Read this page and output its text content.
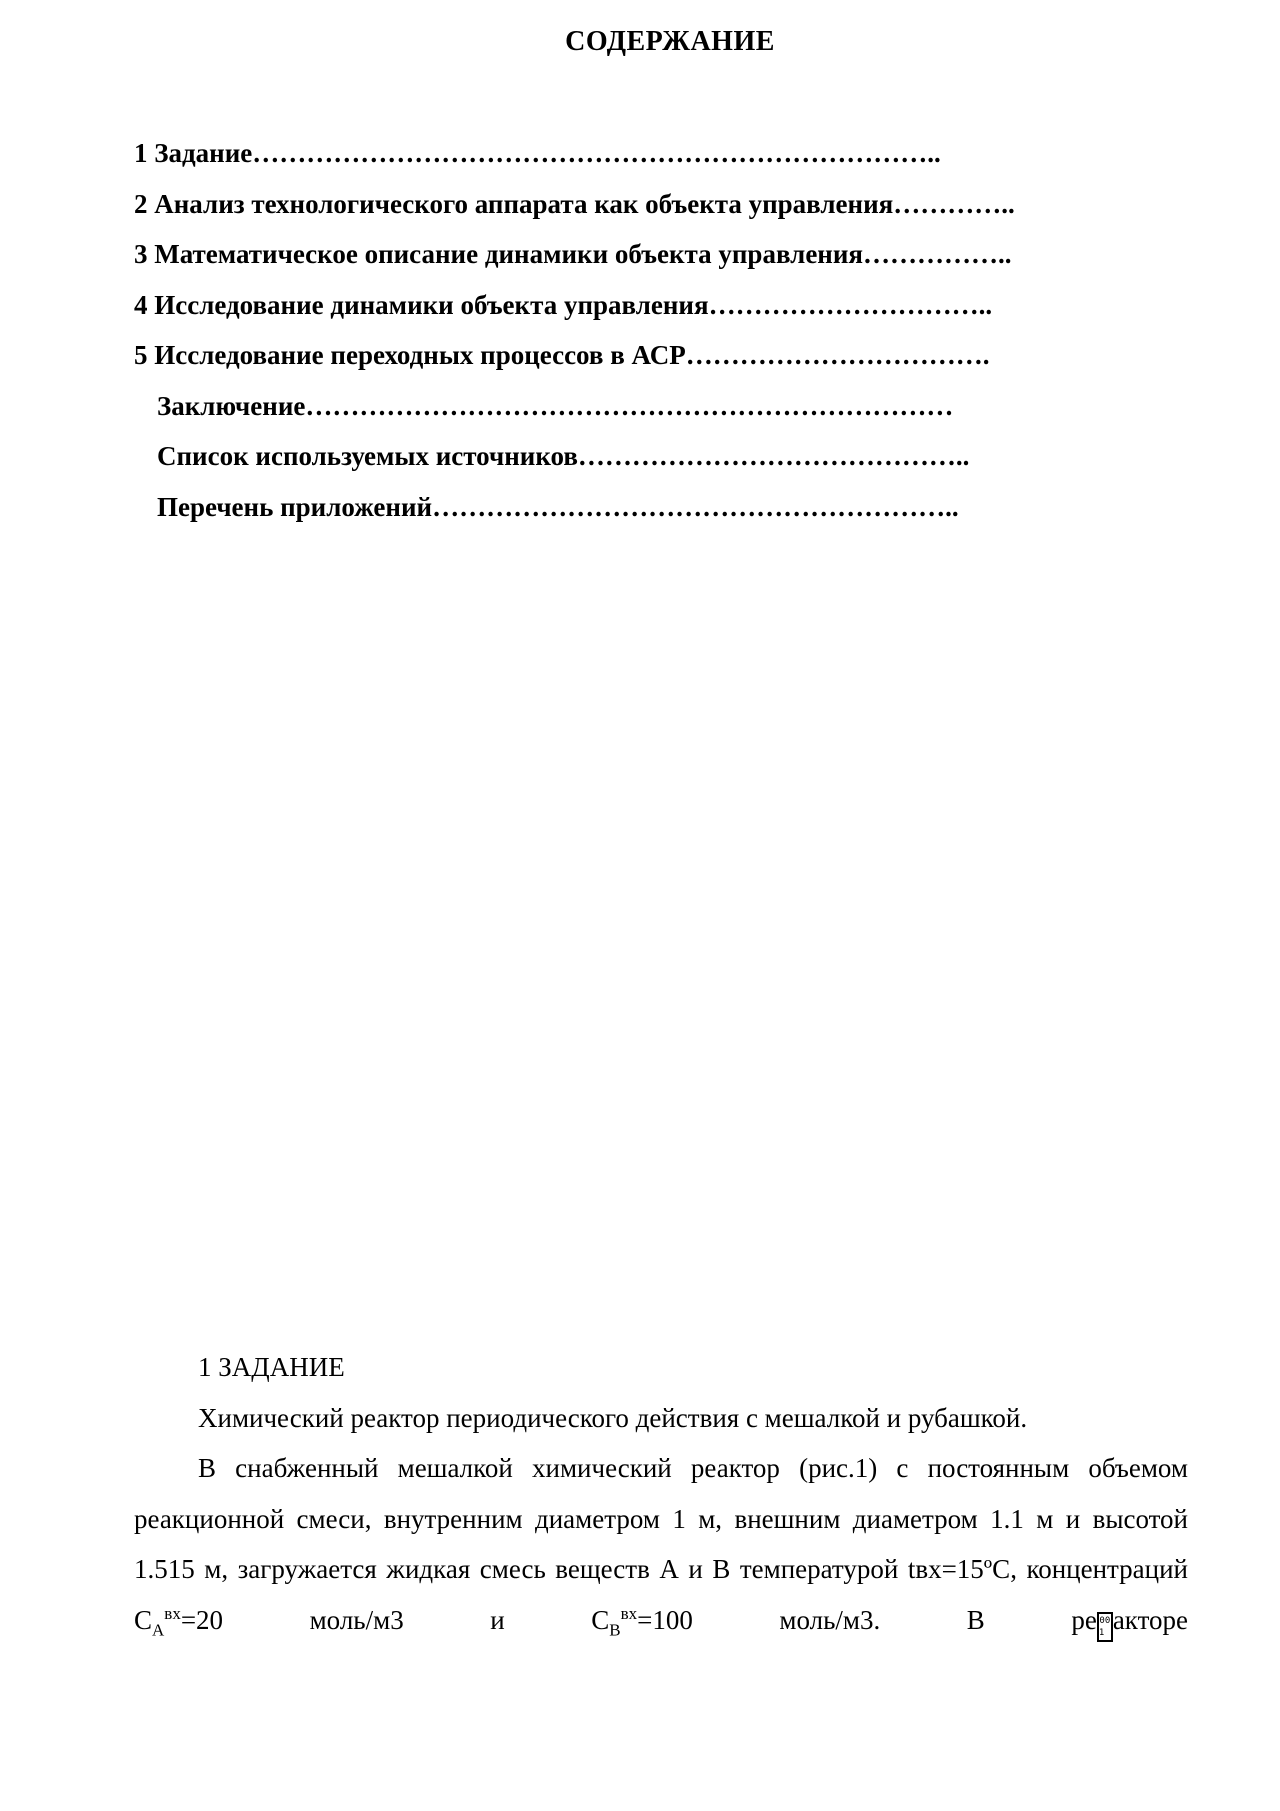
СОДЕРЖАНИЕ
1 Задание…………………………………………………………………..
2 Анализ технологического аппарата как объекта управления…………..
3 Математическое описание динамики объекта управления……………..
4 Исследование динамики объекта управления…………………………..
5 Исследование переходных процессов в АСР…………………………….
Заключение………………………………………………………………
Список используемых источников……………………………………..
Перечень приложений…………………………………………………..

1 ЗАДАНИЕ

Химический реактор периодического действия с мешалкой и рубашкой.

В снабженный мешалкой химический реактор (рис.1) с постоянным объемом реакционной смеси, внутренним диаметром 1 м, внешним диаметром 1.1 м и высотой 1.515 м, загружается жидкая смесь веществ А и В температурой tвх=15ºС, концентраций $С_A^{вх}=20$ моль/м3 и $С_B^{вх}=100$ моль/м3. В ре 00 1 акторе
